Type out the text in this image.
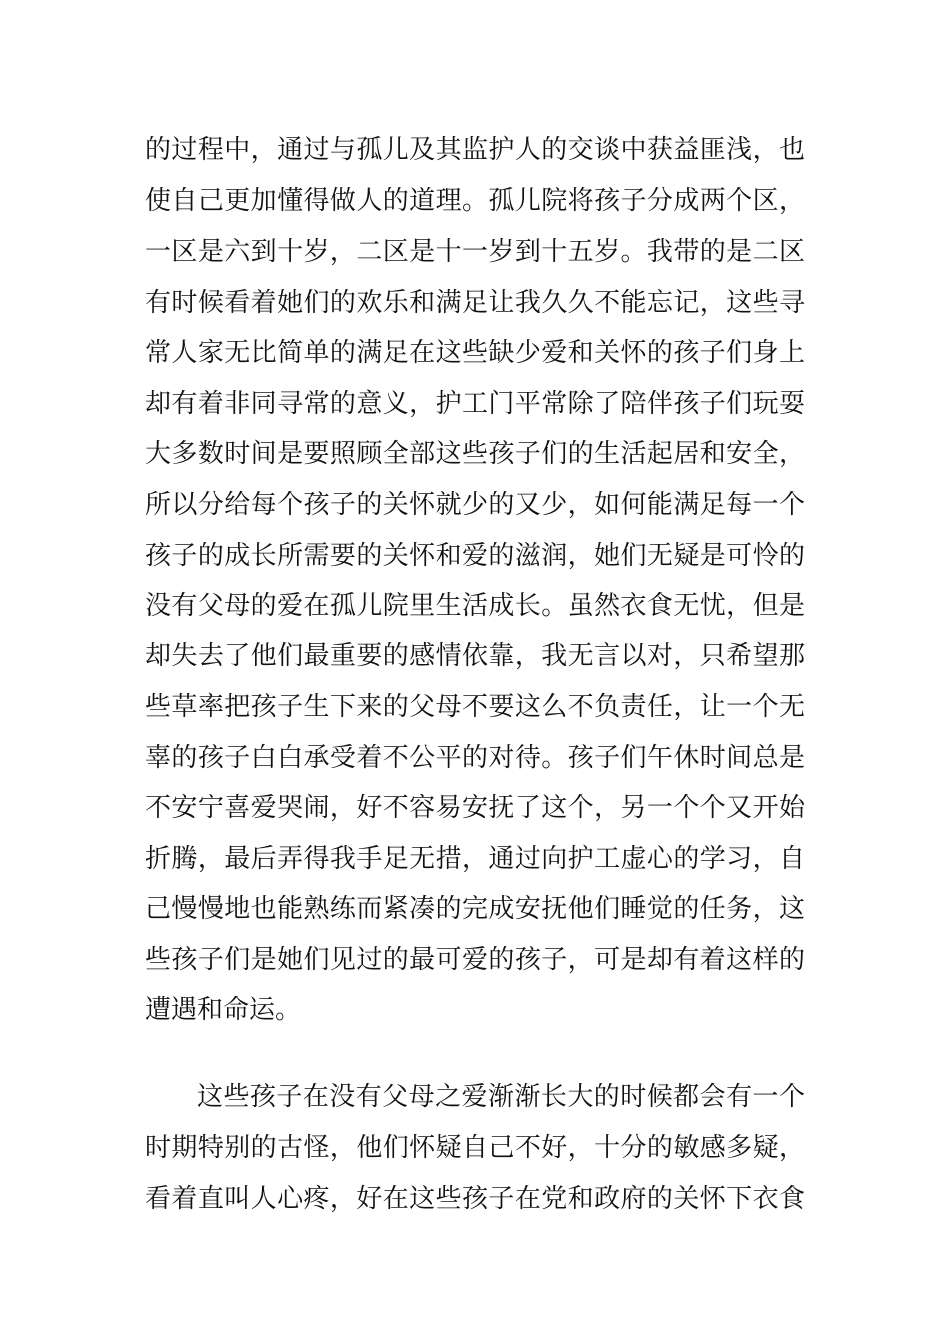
的过程中，通过与孤儿及其监护人的交谈中获益匪浅，也
使自己更加懂得做人的道理。孤儿院将孩子分成两个区，
一区是六到十岁，二区是十一岁到十五岁。我带的是二区
有时候看着她们的欢乐和满足让我久久不能忘记，这些寻
常人家无比简单的满足在这些缺少爱和关怀的孩子们身上
却有着非同寻常的意义，护工门平常除了陪伴孩子们玩耍
大多数时间是要照顾全部这些孩子们的生活起居和安全，
所以分给每个孩子的关怀就少的又少，如何能满足每一个
孩子的成长所需要的关怀和爱的滋润，她们无疑是可怜的
没有父母的爱在孤儿院里生活成长。虽然衣食无忧，但是
却失去了他们最重要的感情依靠，我无言以对，只希望那
些草率把孩子生下来的父母不要这么不负责任，让一个无
辜的孩子白白承受着不公平的对待。孩子们午休时间总是
不安宁喜爱哭闹，好不容易安抚了这个，另一个个又开始
折腾，最后弄得我手足无措，通过向护工虚心的学习，自
己慢慢地也能熟练而紧凑的完成安抚他们睡觉的任务，这
些孩子们是她们见过的最可爱的孩子，可是却有着这样的
遭遇和命运。
这些孩子在没有父母之爱渐渐长大的时候都会有一个
时期特别的古怪，他们怀疑自己不好，十分的敏感多疑，
看着直叫人心疼，好在这些孩子在党和政府的关怀下衣食
